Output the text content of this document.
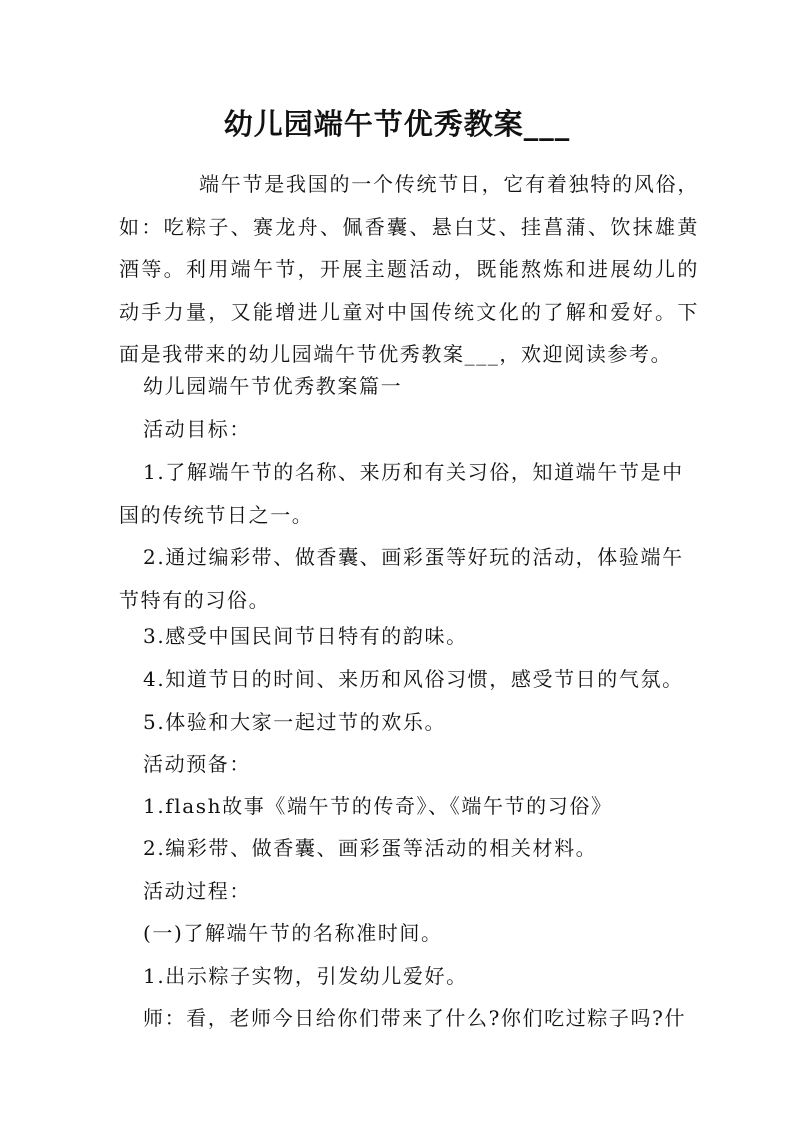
幼儿园端午节优秀教案___

端午节是我国的一个传统节日，它有着独特的风俗，如：吃粽子、赛龙舟、佩香囊、悬白艾、挂菖蒲、饮抹雄黄酒等。利用端午节，开展主题活动，既能熬炼和进展幼儿的动手力量，又能增进儿童对中国传统文化的了解和爱好。下面是我带来的幼儿园端午节优秀教案___，欢迎阅读参考。

幼儿园端午节优秀教案篇一
活动目标：

1.了解端午节的名称、来历和有关习俗，知道端午节是中国的传统节日之一。

2.通过编彩带、做香囊、画彩蛋等好玩的活动，体验端午节特有的习俗。

3.感受中国民间节日特有的韵味。
4.知道节日的时间、来历和风俗习惯，感受节日的气氛。
5.体验和大家一起过节的欢乐。
活动预备：
1.flash故事《端午节的传奇》、《端午节的习俗》
2.编彩带、做香囊、画彩蛋等活动的相关材料。
活动过程：
(一)了解端午节的名称准时间。
1.出示粽子实物，引发幼儿爱好。
师：看，老师今日给你们带来了什么?你们吃过粽子吗?什
